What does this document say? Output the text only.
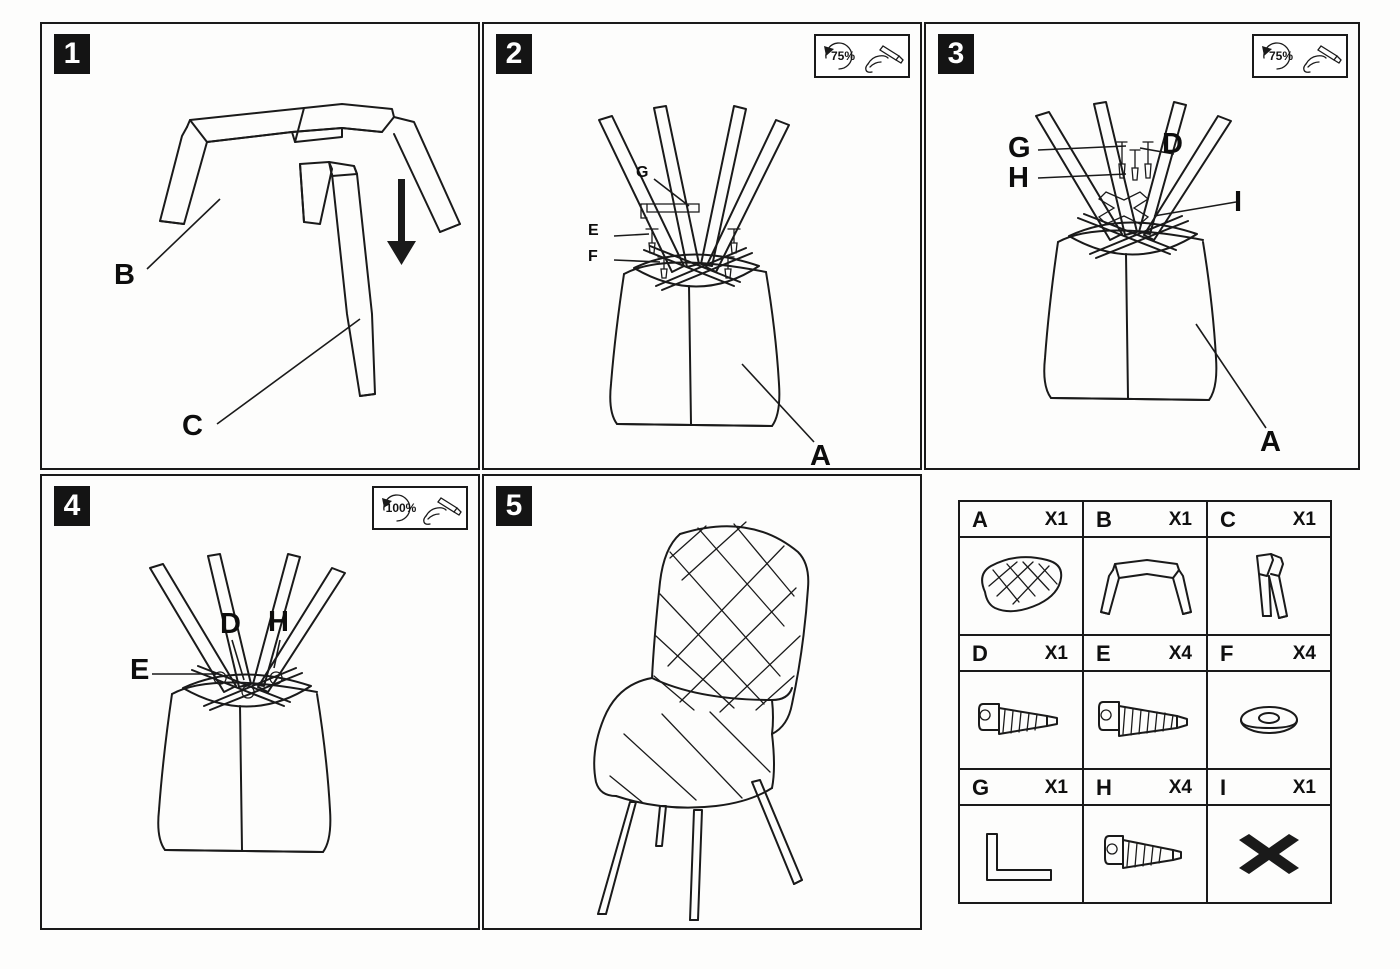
1
B
C
2	75%
G
E
F
A
3	75%
G
H
D
I
A
4	100%
E
D H
5	A X1	B X1	C X1

D X1	E X4	F X4

G X1	H X4	I X1
